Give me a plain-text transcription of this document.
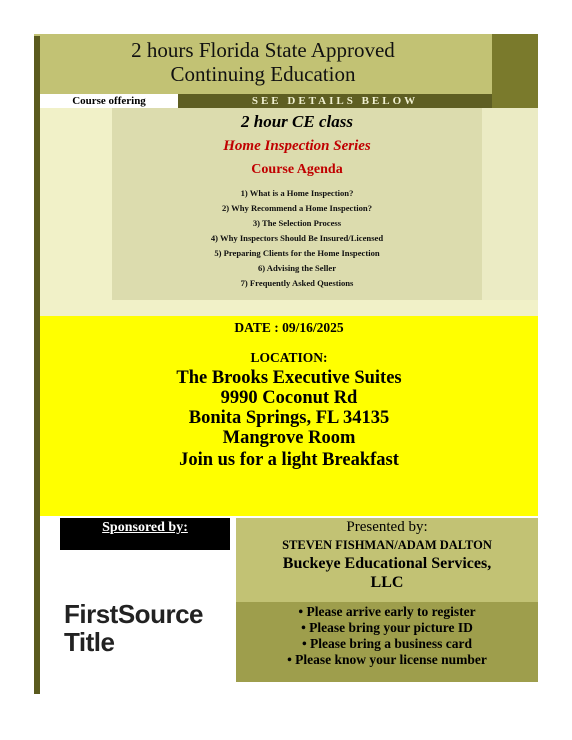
2 hours Florida State Approved
Continuing Education
Course offering	SEE DETAILS BELOW
2 hour CE class
Home Inspection Series
Course Agenda
1) What is a Home Inspection?
2) Why Recommend a Home Inspection?
3) The Selection Process
4) Why Inspectors Should Be Insured/Licensed
5) Preparing Clients for the Home Inspection
6) Advising the Seller
7) Frequently Asked Questions
DATE : 09/16/2025
LOCATION:
The Brooks Executive Suites
9990 Coconut Rd
Bonita Springs, FL 34135
Mangrove Room
Join us for a light Breakfast
Sponsored by:
FirstSource
Title
Presented by:
STEVEN FISHMAN/ADAM DALTON
Buckeye Educational Services,
LLC
• Please arrive early to register
• Please bring your picture ID
• Please bring a business card
• Please know your license number
